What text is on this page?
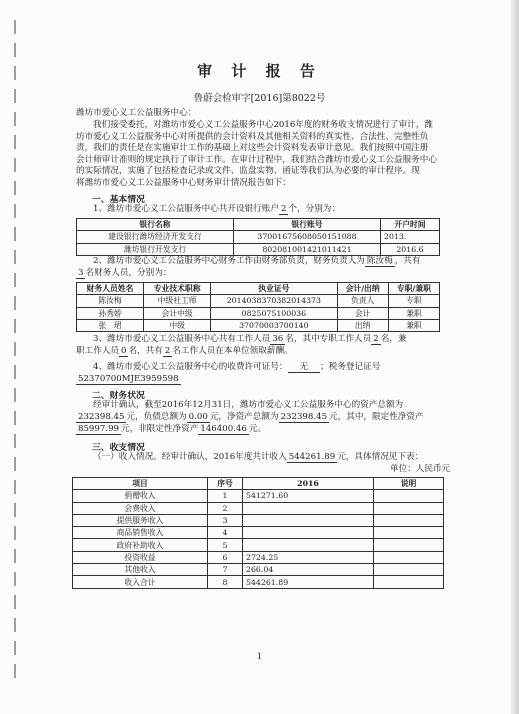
审 计 报 告
鲁蔚会检审字[2016]第8022号
潍坊市爱心义工公益服务中心：
我们接受委托，对潍坊市爱心义工公益服务中心2016年度的财务收支情况进行了审计，潍
坊市爱心义工公益服务中心对所提供的会计资料及其他相关资料的真实性、合法性、完整性负
责，我们的责任是在实施审计工作的基础上对这些会计资料发表审计意见。我们按照中国注册
会计师审计准则的规定执行了审计工作。在审计过程中，我们结合潍坊市爱心义工公益服务中心
的实际情况，实施了包括检查记录或文件、监盘实物、函证等我们认为必要的审计程序。现
将潍坊市爱心义工公益服务中心财务审计情况报告如下：
一、基本情况
1、潍坊市爱心义工公益服务中心共开设银行账户 2 个，分别为：
银行名称	银行账号	开户时间
建设银行潍坊经济开发支行	37001675608050151088	2013.
潍坊银行开发支行	802081001421011421	2016.6
2、潍坊市爱心义工公益服务中心财务工作由财务部负责，财务负责人为 陈汝梅 ，共有
3 名财务人员，分别为：
财务人员姓名	专业技术职称	执业证号	会计/出纳	专职/兼职
陈汝梅	中级社工师	20140383703820143​73	负责人	专职
孙秀娇	会计中级	0825075100036	会计	兼职
张　珺	中级	37070003700140	出纳	兼职
3、潍坊市爱心义工公益服务中心共有工作人员 36 名，其中专职工作人员 2 名，兼
职工作人员 0 名，共有 2 名工作人员在本单位领取薪酬。
4、潍坊市爱心义工公益服务中心的收费许可证号： 无 ；税务登记证号
52370700MJE3959598
二、财务状况
经审计确认，截至2016年12月31日，潍坊市爱心义工公益服务中心的资产总额为
232398.45 元，负债总额为 0.00 元，净资产总额为 232398.45 元，其中，限定性净资产
85997.99 元，非限定性净资产 146400.46 元。
三、收支情况
（一）收入情况。经审计确认，2016年度共计收入 544261.89 元，具体情况见下表：
单位：人民币元
项目	序号	2016	说明
捐赠收入	1	541271.60	
会费收入	2		
提供服务收入	3		
商品销售收入	4		
政府补助收入	5		
投资收益	6	2724.25	
其他收入	7	266.04	
收入合计	8	544261.89	
1
